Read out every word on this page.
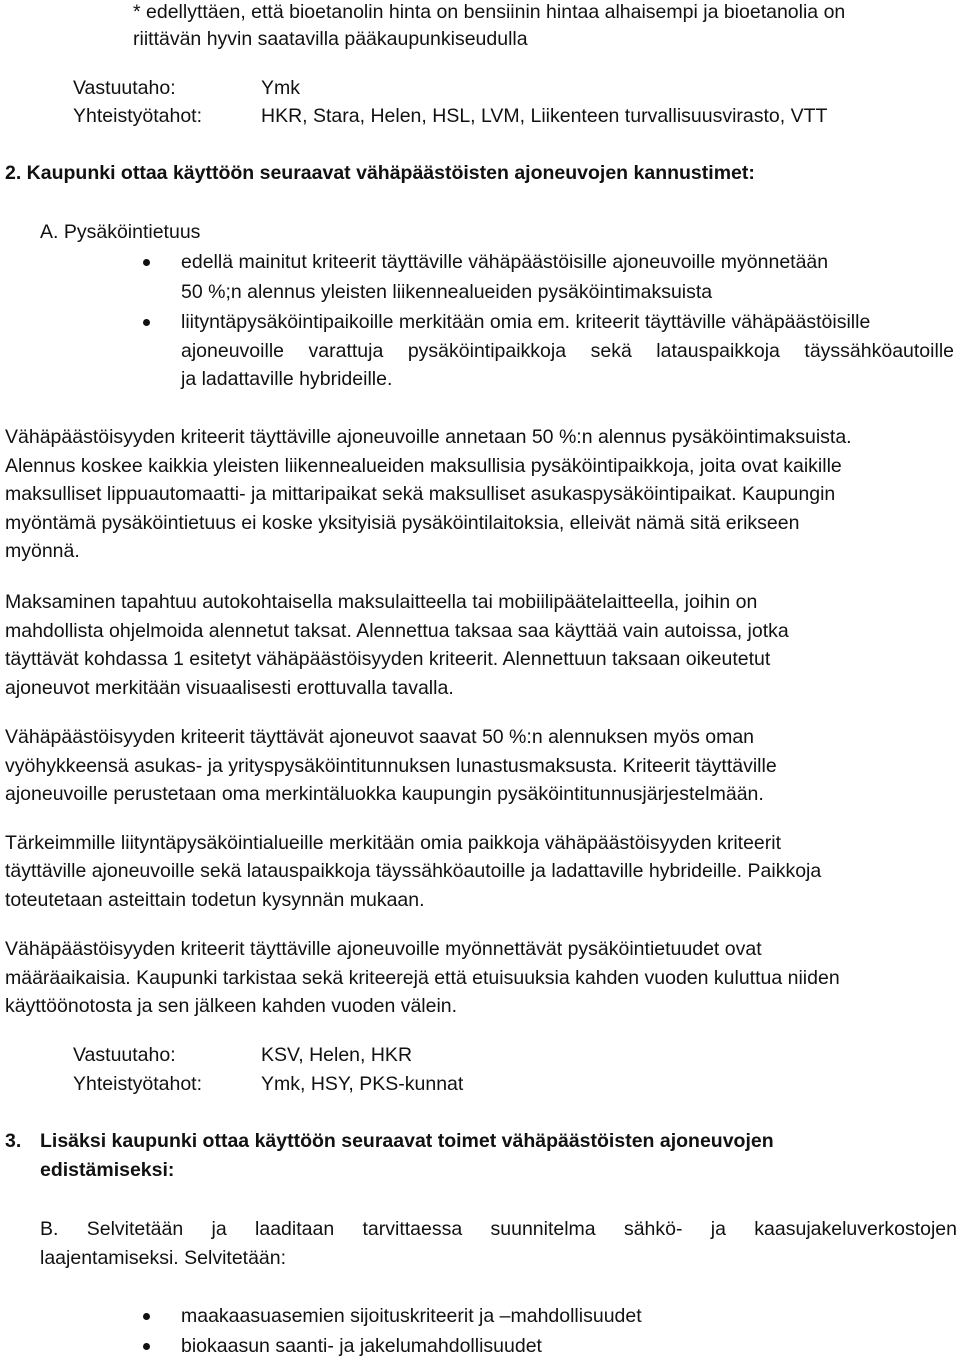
* edellyttäen, että bioetanolin hinta on bensiinin hintaa alhaisempi ja bioetanolia on

riittävän hyvin saatavilla pääkaupunkiseudulla

Vastuutaho:	Ymk

Yhteistyötahot:	HKR, Stara, Helen, HSL, LVM, Liikenteen turvallisuusvirasto, VTT

2. Kaupunki ottaa käyttöön seuraavat vähäpäästöisten ajoneuvojen kannustimet:

A. Pysäköintietuus

edellä mainitut kriteerit täyttäville vähäpäästöisille ajoneuvoille myönnetään

50 %;n alennus yleisten liikennealueiden pysäköintimaksuista

liityntäpysäköintipaikoille merkitään omia em. kriteerit täyttäville vähäpäästöisille

ajoneuvoille varattuja pysäköintipaikkoja sekä latauspaikkoja täyssähköautoille

ja ladattaville hybrideille.

Vähäpäästöisyyden kriteerit täyttäville ajoneuvoille annetaan 50 %:n alennus pysäköintimaksuista.

Alennus koskee kaikkia yleisten liikennealueiden maksullisia pysäköintipaikkoja, joita ovat kaikille

maksulliset lippuautomaatti- ja mittaripaikat sekä maksulliset asukaspysäköintipaikat. Kaupungin

myöntämä pysäköintietuus ei koske yksityisiä pysäköintilaitoksia, elleivät nämä sitä erikseen

myönnä.

Maksaminen tapahtuu autokohtaisella maksulaitteella tai mobiilipäätelaitteella, joihin on

mahdollista ohjelmoida alennetut taksat. Alennettua taksaa saa käyttää vain autoissa, jotka

täyttävät kohdassa 1 esitetyt vähäpäästöisyyden kriteerit. Alennettuun taksaan oikeutetut

ajoneuvot merkitään visuaalisesti erottuvalla tavalla.

Vähäpäästöisyyden kriteerit täyttävät ajoneuvot saavat 50 %:n alennuksen myös oman

vyöhykkeensä asukas- ja yrityspysäköintitunnuksen lunastusmaksusta. Kriteerit täyttäville

ajoneuvoille perustetaan oma merkintäluokka kaupungin pysäköintitunnusjärjestelmään.

Tärkeimmille liityntäpysäköintialueille merkitään omia paikkoja vähäpäästöisyyden kriteerit

täyttäville ajoneuvoille sekä latauspaikkoja täyssähköautoille ja ladattaville hybrideille. Paikkoja

toteutetaan asteittain todetun kysynnän mukaan.

Vähäpäästöisyyden kriteerit täyttäville ajoneuvoille myönnettävät pysäköintietuudet ovat

määräaikaisia. Kaupunki tarkistaa sekä kriteerejä että etuisuuksia kahden vuoden kuluttua niiden

käyttöönotosta ja sen jälkeen kahden vuoden välein.

Vastuutaho:	KSV, Helen, HKR

Yhteistyötahot:	Ymk, HSY, PKS-kunnat

3. Lisäksi kaupunki ottaa käyttöön seuraavat toimet vähäpäästöisten ajoneuvojen

edistämiseksi:

B. Selvitetään ja laaditaan tarvittaessa suunnitelma sähkö- ja kaasujakeluverkostojen

laajentamiseksi. Selvitetään:

maakaasuasemien sijoituskriteerit ja –mahdollisuudet

biokaasun saanti- ja jakelumahdollisuudet
